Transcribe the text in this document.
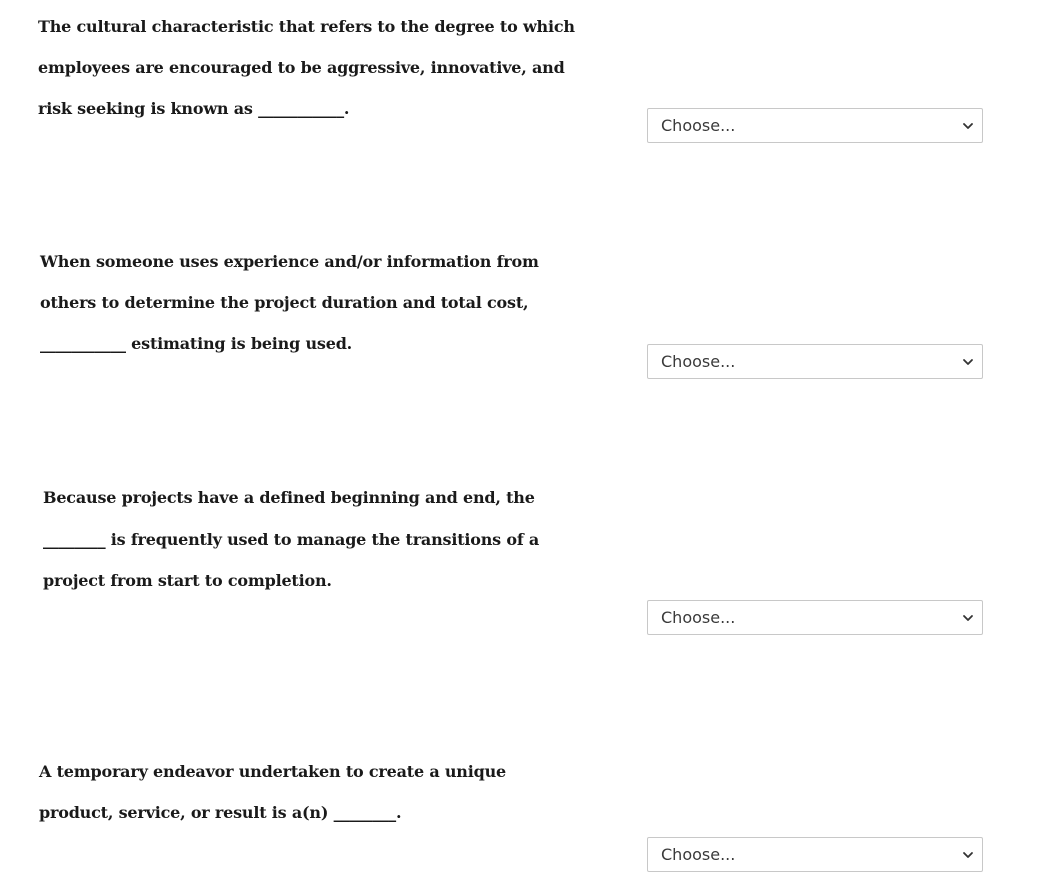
The cultural characteristic that refers to the degree to which
employees are encouraged to be aggressive, innovative, and
risk seeking is known as ___________.
Choose...
When someone uses experience and/or information from
others to determine the project duration and total cost,
___________ estimating is being used.
Choose...
Because projects have a defined beginning and end, the
________ is frequently used to manage the transitions of a
project from start to completion.
Choose...
A temporary endeavor undertaken to create a unique
product, service, or result is a(n) ________.
Choose...
